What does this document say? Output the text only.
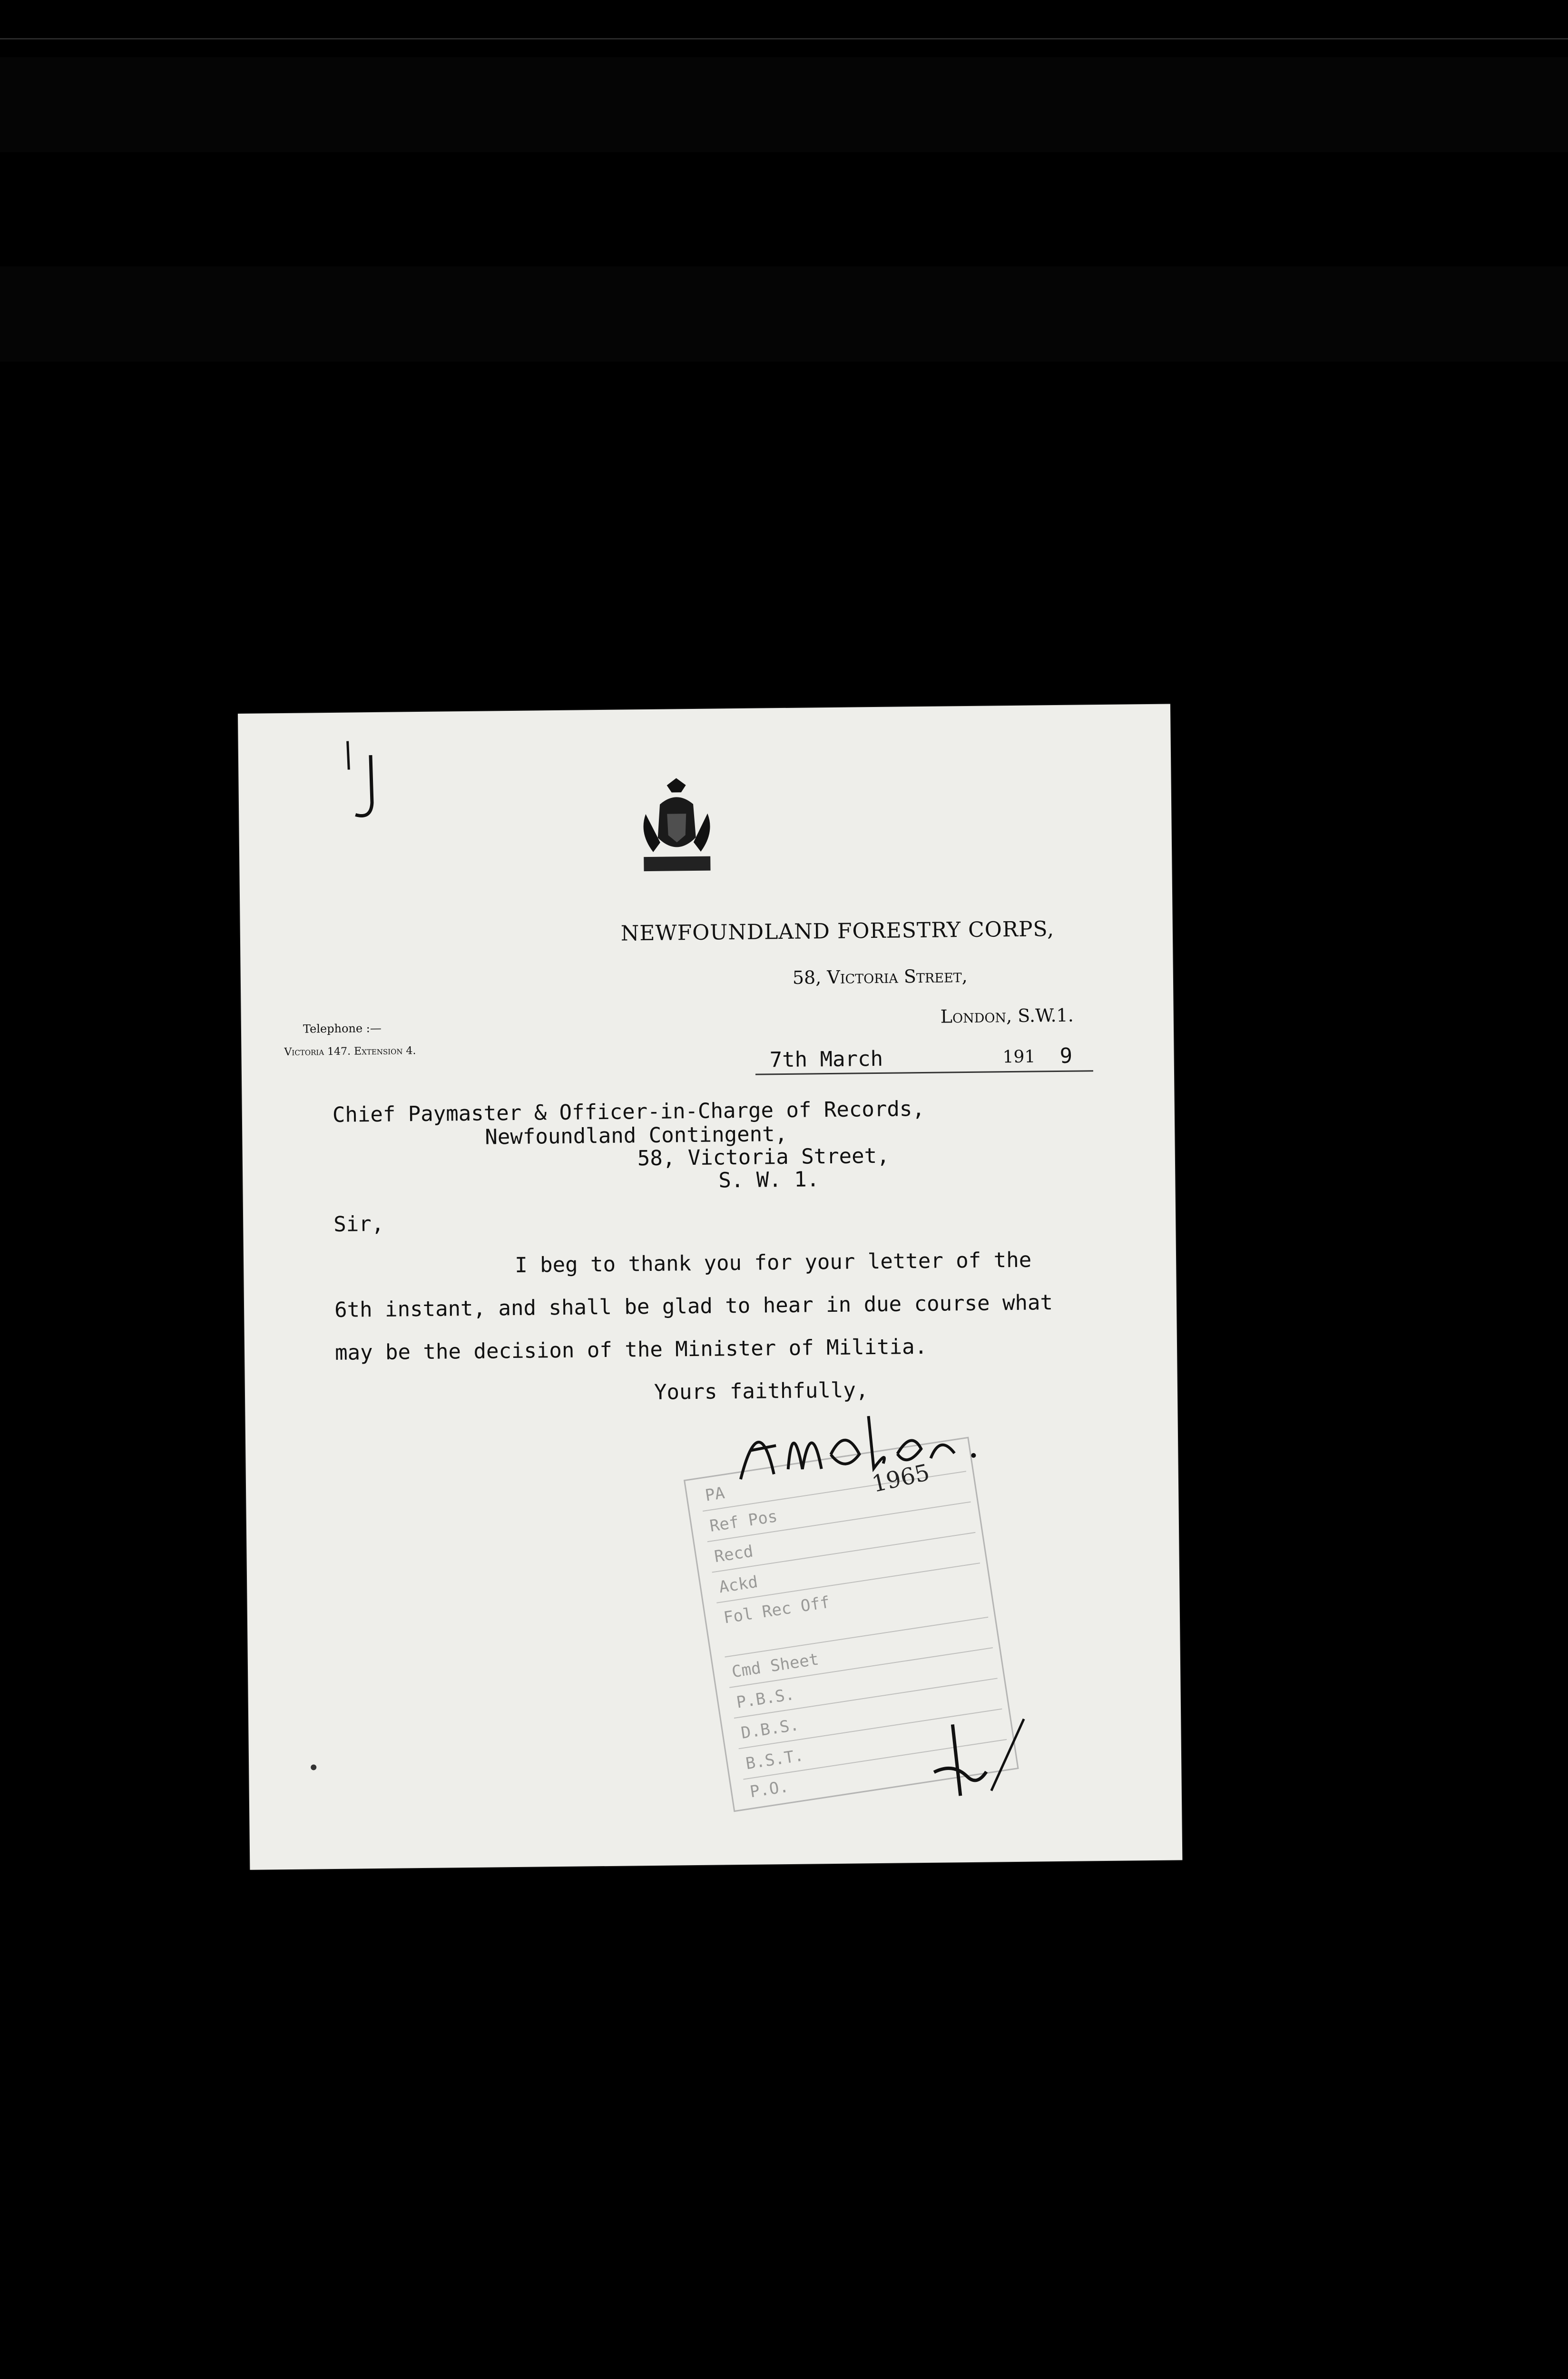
NEWFOUNDLAND FORESTRY CORPS,
58, Victoria Street,
London, S.W.1.
Telephone :—
Victoria 147. Extension 4.	7th March	191 9
Chief Paymaster & Officer-in-Charge of Records,
Newfoundland Contingent,
58, Victoria Street,
S. W. 1.
Sir,
I beg to thank you for your letter of the
6th instant, and shall be glad to hear in due course what
may be the decision of the Minister of Militia.
Yours faithfully,
PA
Ref Pos
Recd
Ackd
Fol Rec Off
Cmd Sheet
P.B.S.
D.B.S.
B.S.T.
P.O.
1965
